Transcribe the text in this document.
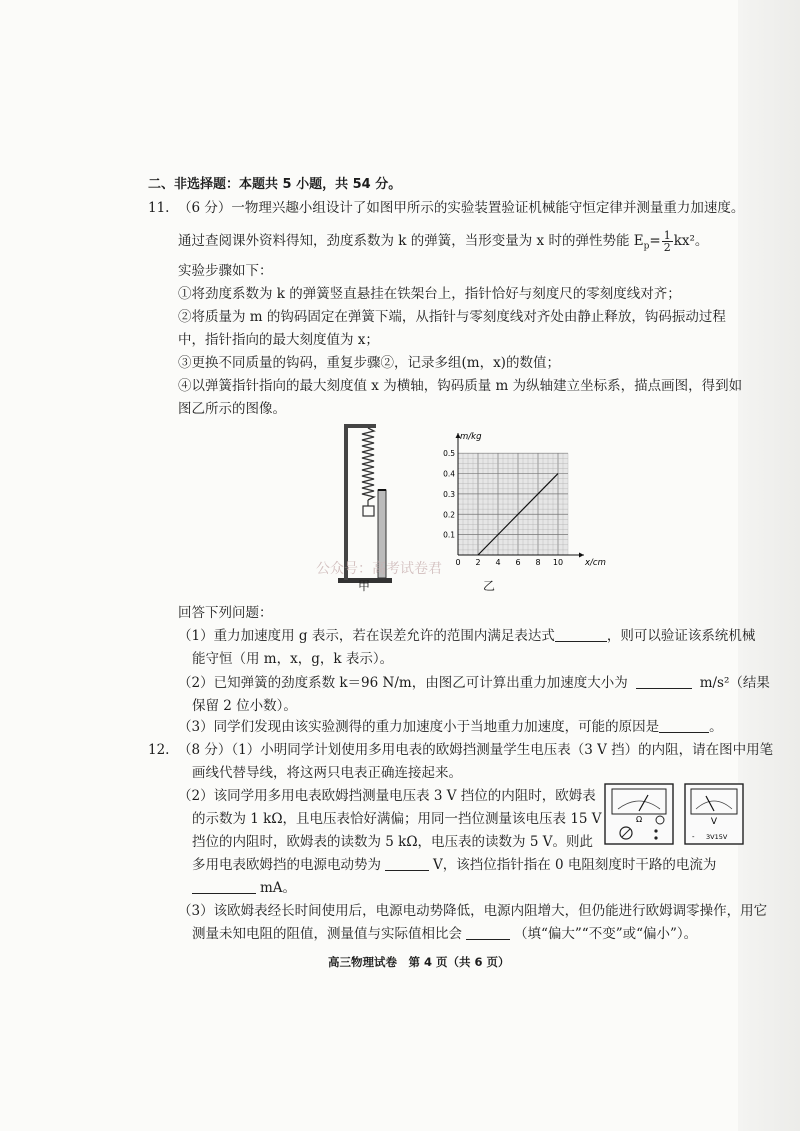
二、非选择题：本题共 5 小题，共 54 分。

11. （6 分）一物理兴趣小组设计了如图甲所示的实验装置验证机械能守恒定律并测量重力加速度。

通过查阅课外资料得知，劲度系数为 k 的弹簧，当形变量为 x 时的弹性势能 $E_p= \frac{1}{2} kx^2$。

实验步骤如下：

①将劲度系数为 k 的弹簧竖直悬挂在铁架台上，指针恰好与刻度尺的零刻度线对齐；

②将质量为 m 的钩码固定在弹簧下端，从指针与零刻度线对齐处由静止释放，钩码振动过程

中，指针指向的最大刻度值为 x；

③更换不同质量的钩码，重复步骤②，记录多组(m，x)的数值；

④以弹簧指针指向的最大刻度值 x 为横轴，钩码质量 m 为纵轴建立坐标系，描点画图，得到如

图乙所示的图像。

甲

0 2 4 6 8 10
0.1
0.2
0.3
0.4
0.5
m/kg
x/cm

乙

公众号：高考试卷君

回答下列问题：

（1）重力加速度用 g 表示，若在误差允许的范围内满足表达式	，则可以验证该系统机械

能守恒（用 m，x，g，k 表示）。

（2）已知弹簧的劲度系数 k＝96 N/m，由图乙可计算出重力加速度大小为	m/s²（结果

保留 2 位小数）。

（3）同学们发现由该实验测得的重力加速度小于当地重力加速度，可能的原因是	。

12. （8 分）（1）小明同学计划使用多用电表的欧姆挡测量学生电压表（3 V 挡）的内阻，请在图中用笔

画线代替导线，将这两只电表正确连接起来。

（2）该同学用多用电表欧姆挡测量电压表 3 V 挡位的内阻时，欧姆表

的示数为 1 kΩ，且电压表恰好满偏；用同一挡位测量该电压表 15 V

挡位的内阻时，欧姆表的读数为 5 kΩ，电压表的读数为 5 V。则此

多用电表欧姆挡的电源电动势为	V，该挡位指针指在 0 电阻刻度时干路的电流为

mA。

Ω	V
- 3V15V

（3）该欧姆表经长时间使用后，电源电动势降低，电源内阻增大，但仍能进行欧姆调零操作，用它

测量未知电阻的阻值，测量值与实际值相比会	（填“偏大”“不变”或“偏小”）。

高三物理试卷　第 4 页（共 6 页）
